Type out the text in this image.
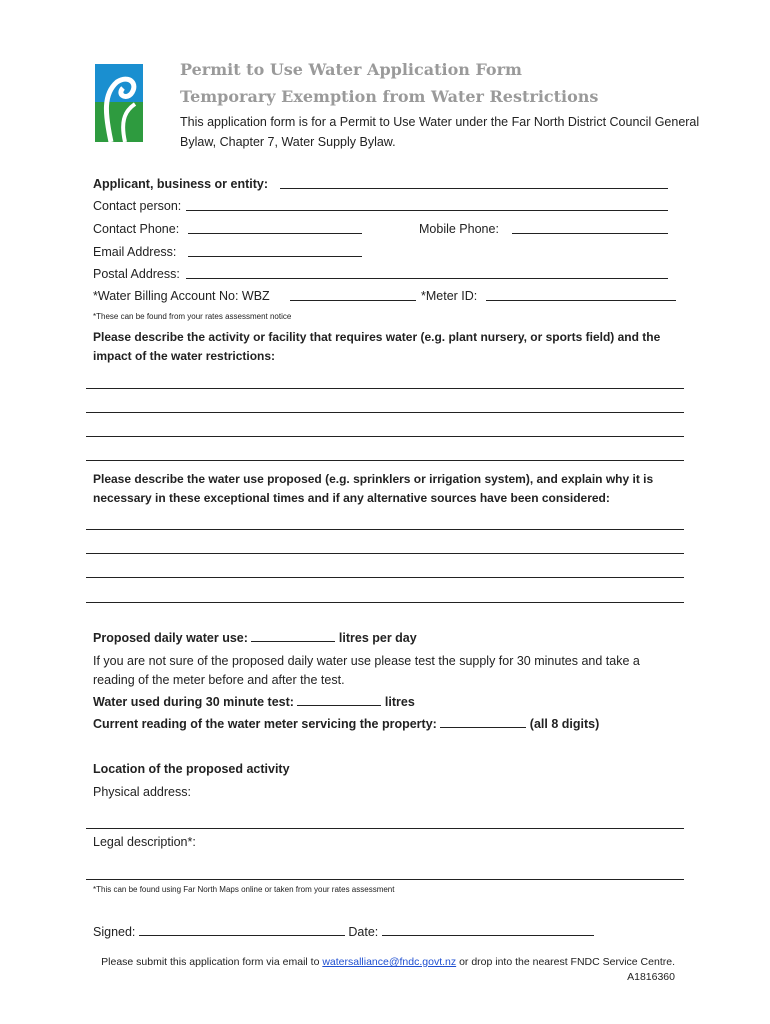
Permit to Use Water Application Form
Temporary Exemption from Water Restrictions
This application form is for a Permit to Use Water under the Far North District Council General Bylaw, Chapter 7, Water Supply Bylaw.
Applicant, business or entity:
Contact person:
Contact Phone:	Mobile Phone:
Email Address:
Postal Address:
*Water Billing Account No: WBZ	*Meter ID:
*These can be found from your rates assessment notice
Please describe the activity or facility that requires water (e.g. plant nursery, or sports field) and the impact of the water restrictions:
Please describe the water use proposed (e.g. sprinklers or irrigation system), and explain why it is necessary in these exceptional times and if any alternative sources have been considered:
Proposed daily water use:	litres per day
If you are not sure of the proposed daily water use please test the supply for 30 minutes and take a reading of the meter before and after the test.
Water used during 30 minute test:	litres
Current reading of the water meter servicing the property:	(all 8 digits)
Location of the proposed activity
Physical address:
Legal description*:
*This can be found using Far North Maps online or taken from your rates assessment
Signed:	Date:
Please submit this application form via email to watersalliance@fndc.govt.nz or drop into the nearest FNDC Service Centre.
A1816360
